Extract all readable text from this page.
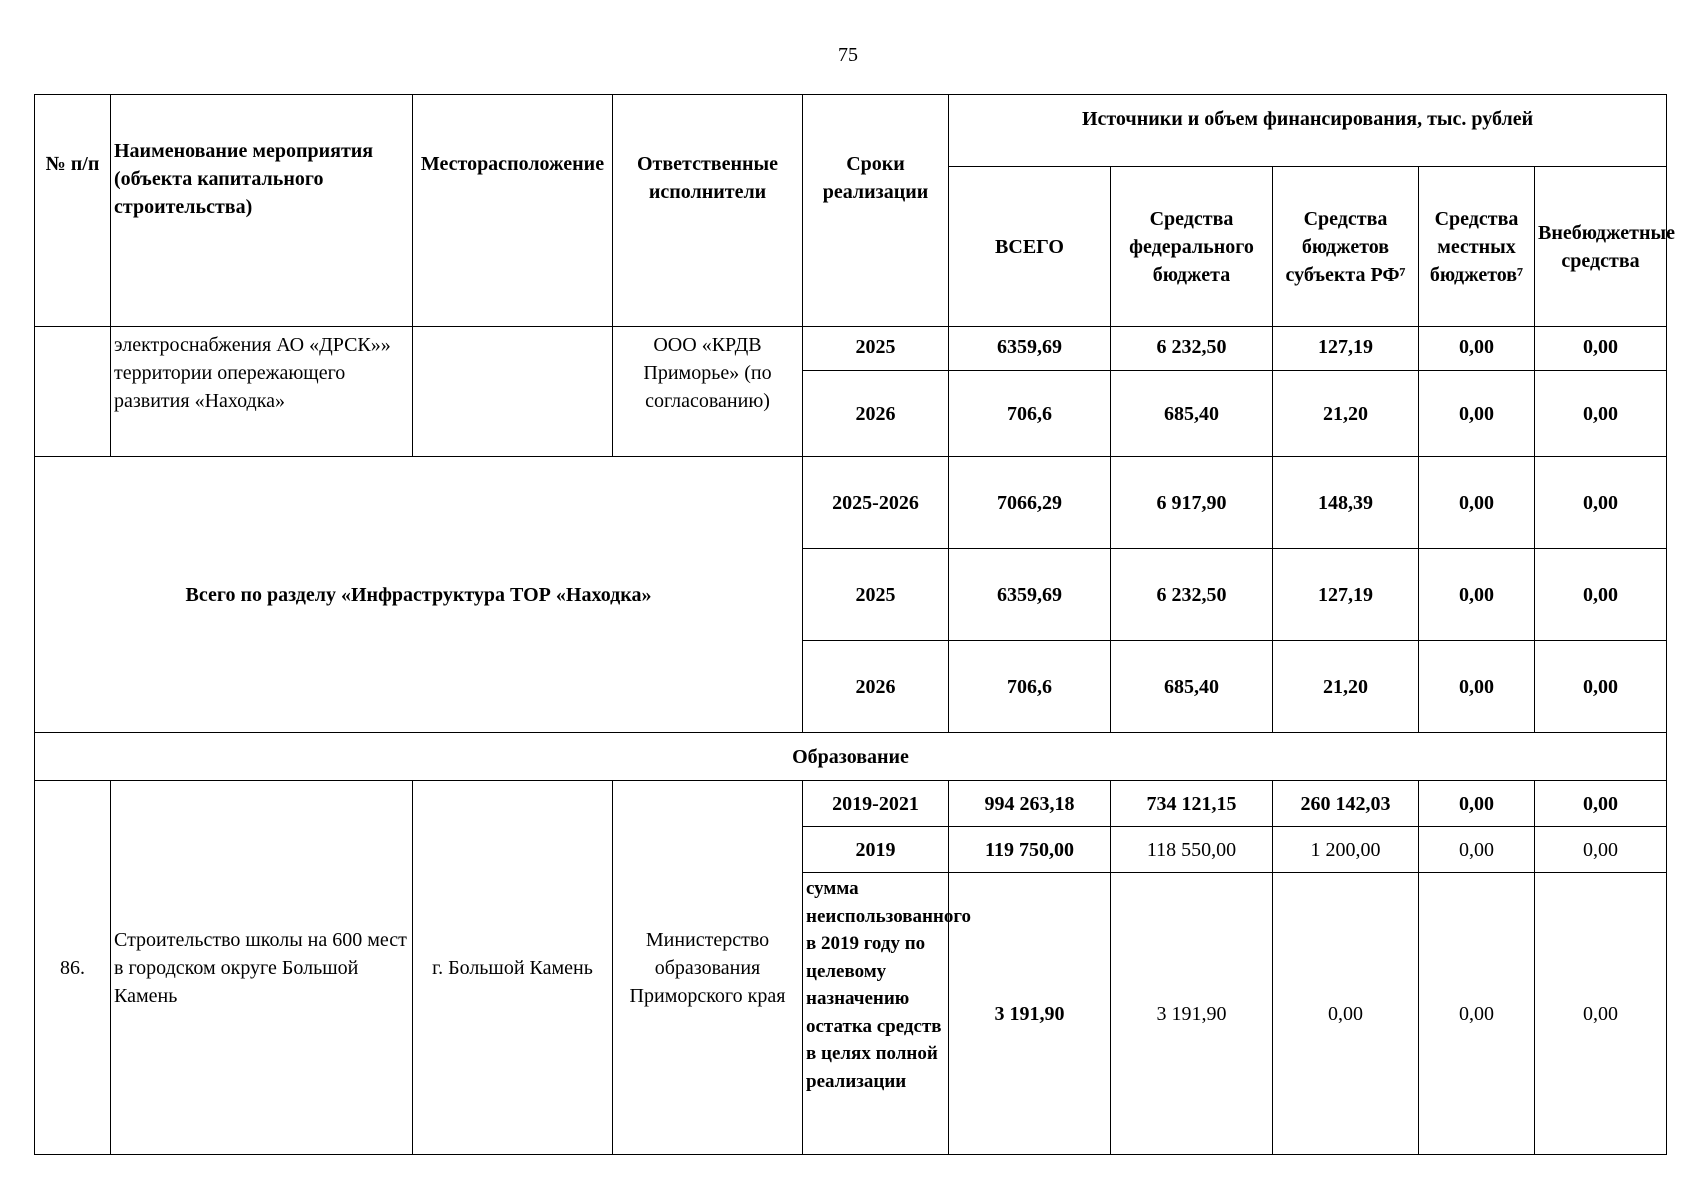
75
№ п/п	Наименование мероприятия (объекта капитального строительства)	Месторасположение	Ответственные исполнители	Сроки реализации	Источники и объем финансирования, тыс. рублей				
					ВСЕГО	Средства федерального бюджета	Средства бюджетов субъекта РФ⁷	Средства местных бюджетов⁷	Внебюджетные средства
	электроснабжения АО «ДРСК»» территории опережающего развития «Находка»		ООО «КРДВ Приморье» (по согласованию)	2025	6359,69	6 232,50	127,19	0,00	0,00
				2026	706,6	685,40	21,20	0,00	0,00
Всего по разделу «Инфраструктура ТОР «Находка»				2025-2026	7066,29	6 917,90	148,39	0,00	0,00
				2025	6359,69	6 232,50	127,19	0,00	0,00
				2026	706,6	685,40	21,20	0,00	0,00
Образование									
86.	Строительство школы на 600 мест в городском округе Большой Камень	г. Большой Камень	Министерство образования Приморского края	2019-2021	994 263,18	734 121,15	260 142,03	0,00	0,00
				2019	119 750,00	118 550,00	1 200,00	0,00	0,00
				сумма неиспользованного в 2019 году по целевому назначению остатка средств в целях полной реализации	3 191,90	3 191,90	0,00	0,00	0,00
